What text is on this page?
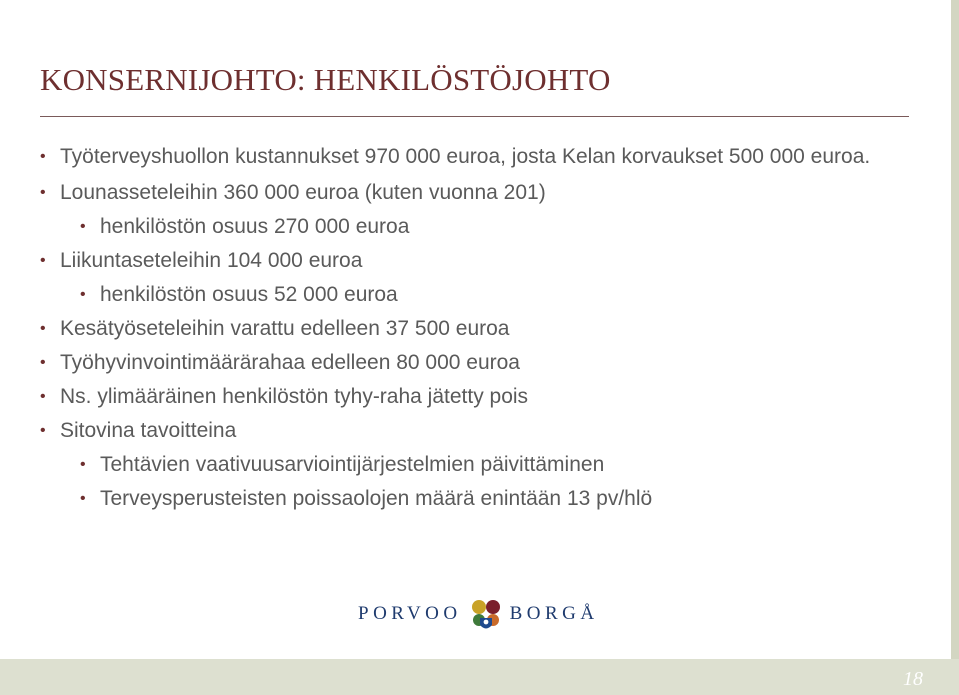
KONSERNIJOHTO: HENKILÖSTÖJOHTO
• Työterveyshuollon kustannukset 970 000 euroa, josta Kelan korvaukset 500 000 euroa.
• Lounasseteleihin 360 000 euroa (kuten vuonna 201)
• henkilöstön osuus 270 000 euroa
• Liikuntaseteleihin 104 000 euroa
• henkilöstön osuus 52 000 euroa
• Kesätyöseteleihin varattu edelleen 37 500 euroa
• Työhyvinvointimäärärahaa edelleen 80 000 euroa
• Ns. ylimääräinen henkilöstön tyhy-raha jätetty pois
• Sitovina tavoitteina
• Tehtävien vaativuusarviointijärjestelmien päivittäminen
• Terveysperusteisten poissaolojen määrä enintään 13 pv/hlö
PORVOO	BORGÅ
18
